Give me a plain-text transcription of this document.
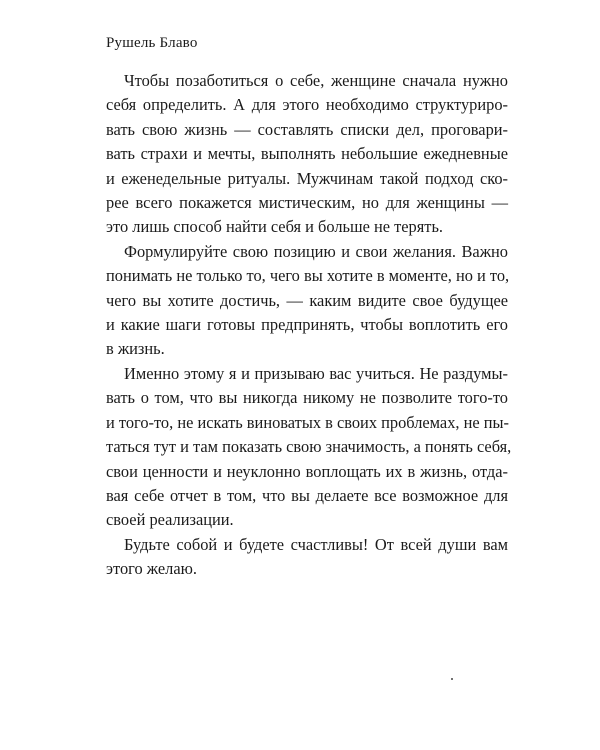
Рушель Блаво

Чтобы позаботиться о себе, женщине сначала нужно
себя определить. А для этого необходимо структуриро-
вать свою жизнь — составлять списки дел, проговари-
вать страхи и мечты, выполнять небольшие ежедневные
и еженедельные ритуалы. Мужчинам такой подход ско-
рее всего покажется мистическим, но для женщины —
это лишь способ найти себя и больше не терять.

Формулируйте свою позицию и свои желания. Важно
понимать не только то, чего вы хотите в моменте, но и то,
чего вы хотите достичь, — каким видите свое будущее
и какие шаги готовы предпринять, чтобы воплотить его
в жизнь.

Именно этому я и призываю вас учиться. Не раздумы-
вать о том, что вы никогда никому не позволите того-то
и того-то, не искать виноватых в своих проблемах, не пы-
таться тут и там показать свою значимость, а понять себя,
свои ценности и неуклонно воплощать их в жизнь, отда-
вая себе отчет в том, что вы делаете все возможное для
своей реализации.

Будьте собой и будете счастливы! От всей души вам
этого желаю.
